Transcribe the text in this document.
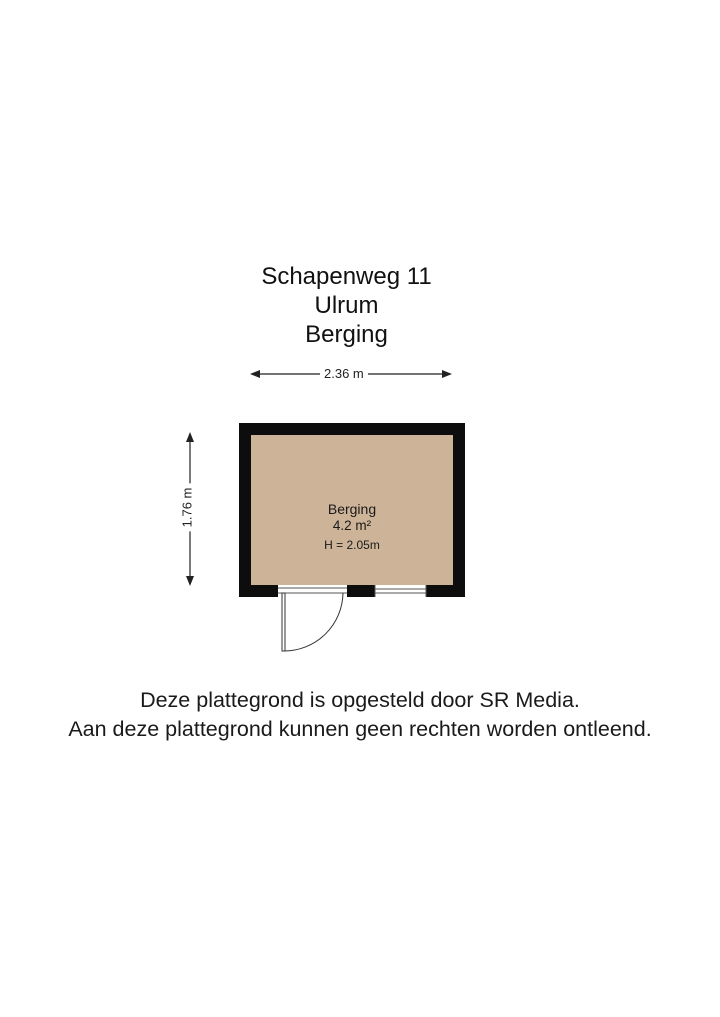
Schapenweg 11
Ulrum
Berging
2.36 m
1.76 m	Berging
4.2 m²
H = 2.05m
Deze plattegrond is opgesteld door SR Media.
Aan deze plattegrond kunnen geen rechten worden ontleend.
